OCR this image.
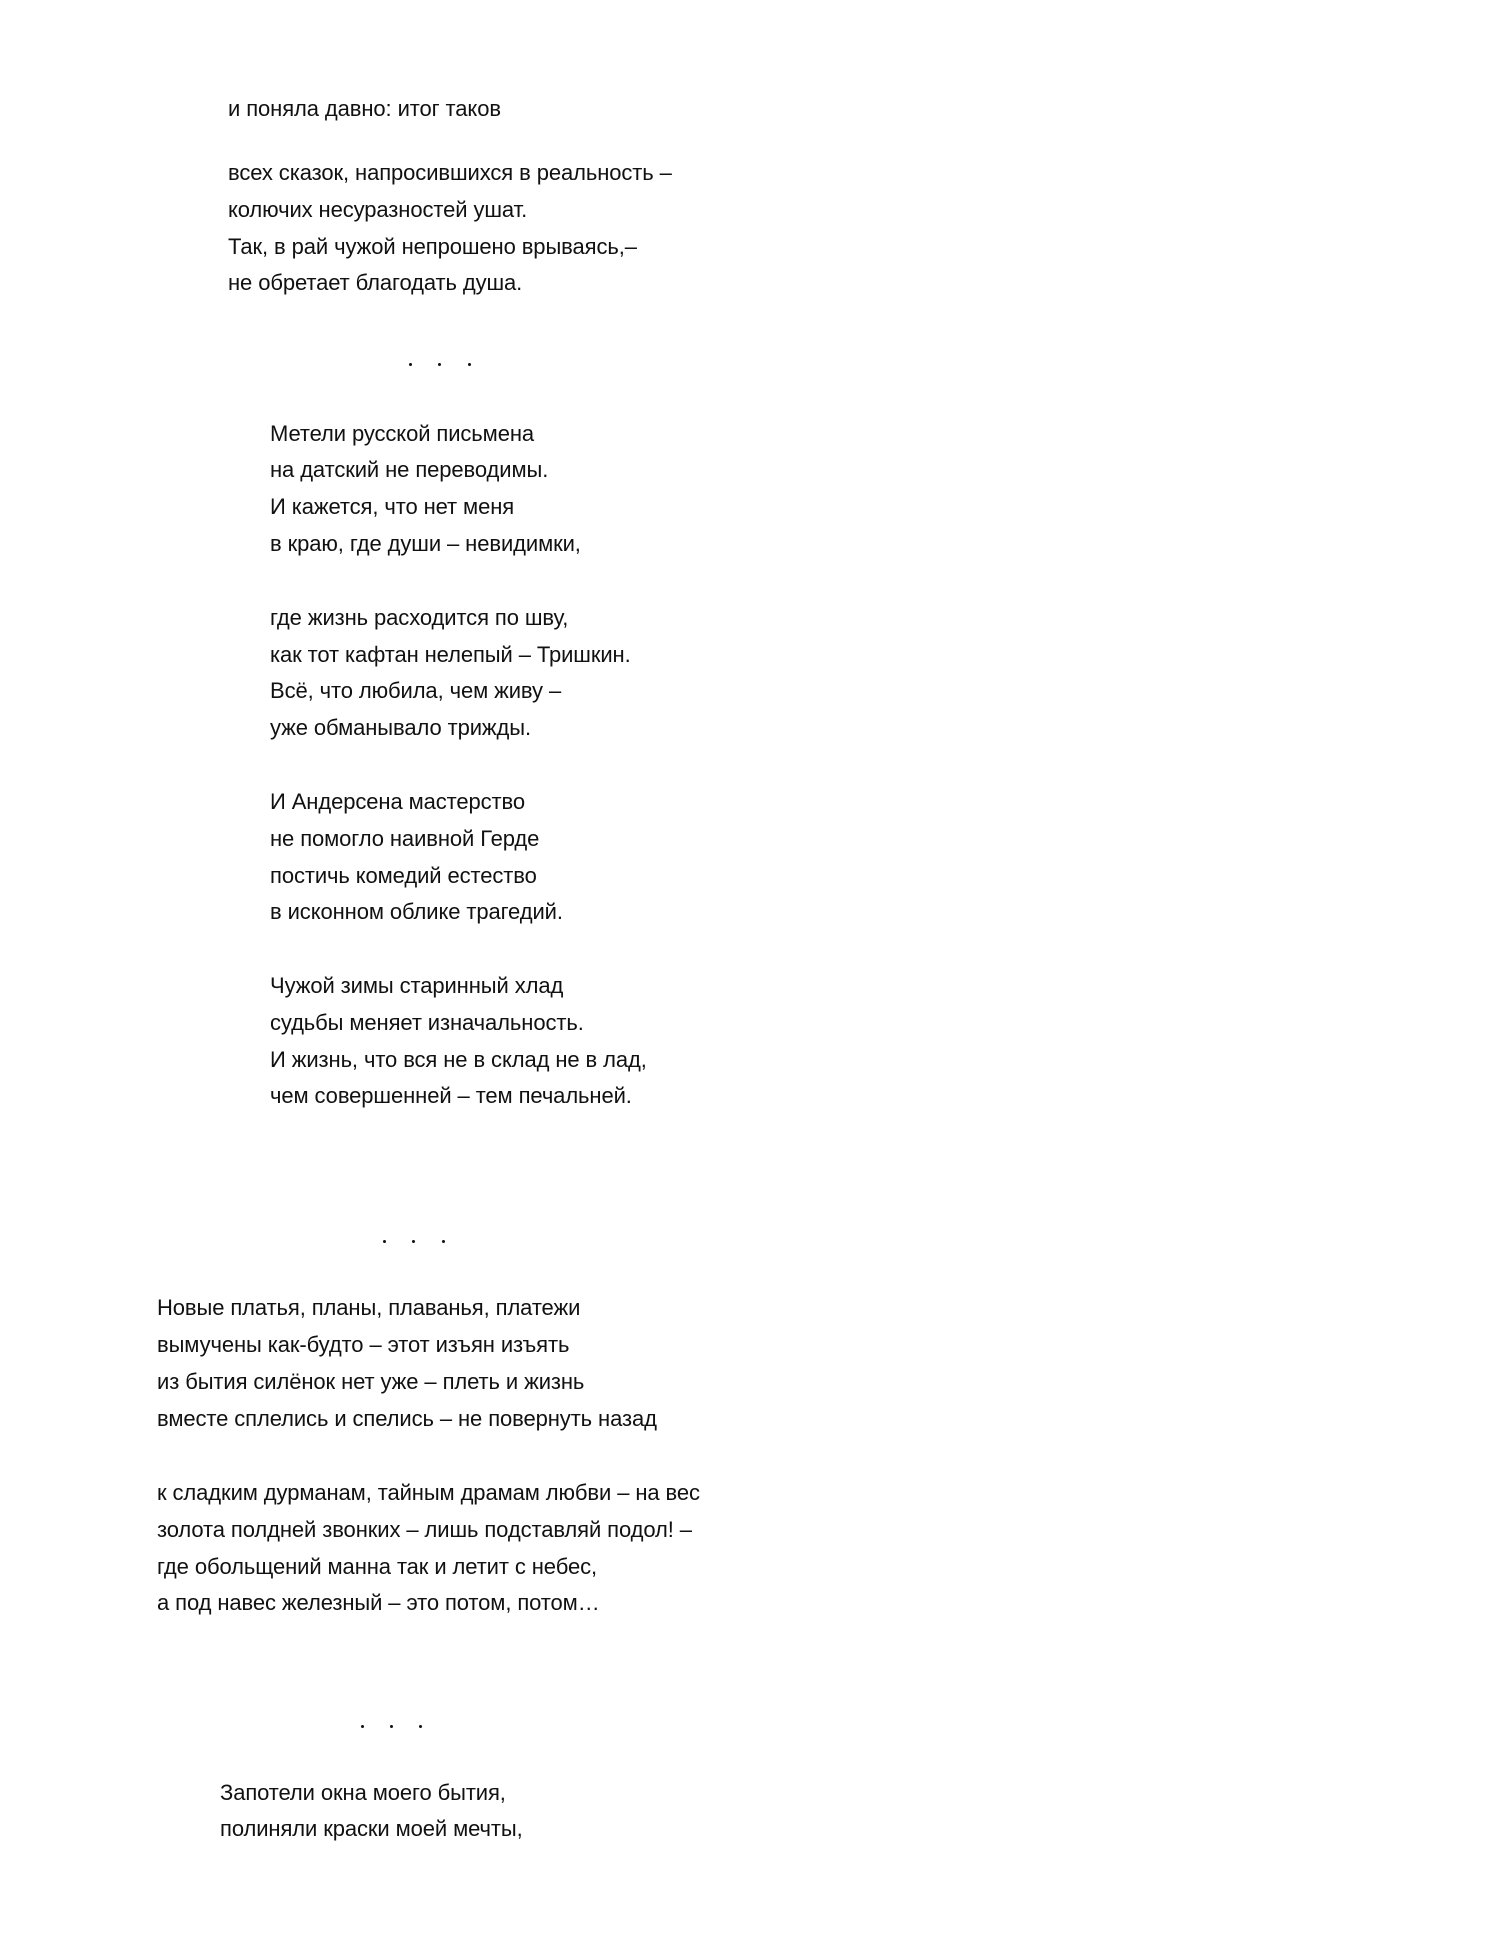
и поняла давно: итог таков
всех сказок, напросившихся в реальность –
колючих несуразностей ушат.
Так, в рай чужой непрошено врываясь,–
не обретает благодать душа.
Метели русской письмена
на датский не переводимы.
И кажется, что нет меня
в краю, где души – невидимки,
где жизнь расходится по шву,
как тот кафтан нелепый – Тришкин.
Всё, что любила, чем живу –
уже обманывало трижды.
И Андерсена мастерство
не помогло наивной Герде
постичь комедий естество
в исконном облике трагедий.
Чужой зимы старинный хлад
судьбы меняет изначальность.
И жизнь, что вся не в склад не в лад,
чем совершенней – тем печальней.
Новые платья, планы, плаванья, платежи
вымучены как-будто – этот изъян изъять
из бытия силёнок нет уже – плеть и жизнь
вместе сплелись и спелись – не повернуть назад
к сладким дурманам, тайным драмам любви – на вес
золота полдней звонких – лишь подставляй подол! –
где обольщений манна так и летит с небес,
а под навес железный – это потом, потом…
Запотели окна моего бытия,
полиняли краски моей мечты,
